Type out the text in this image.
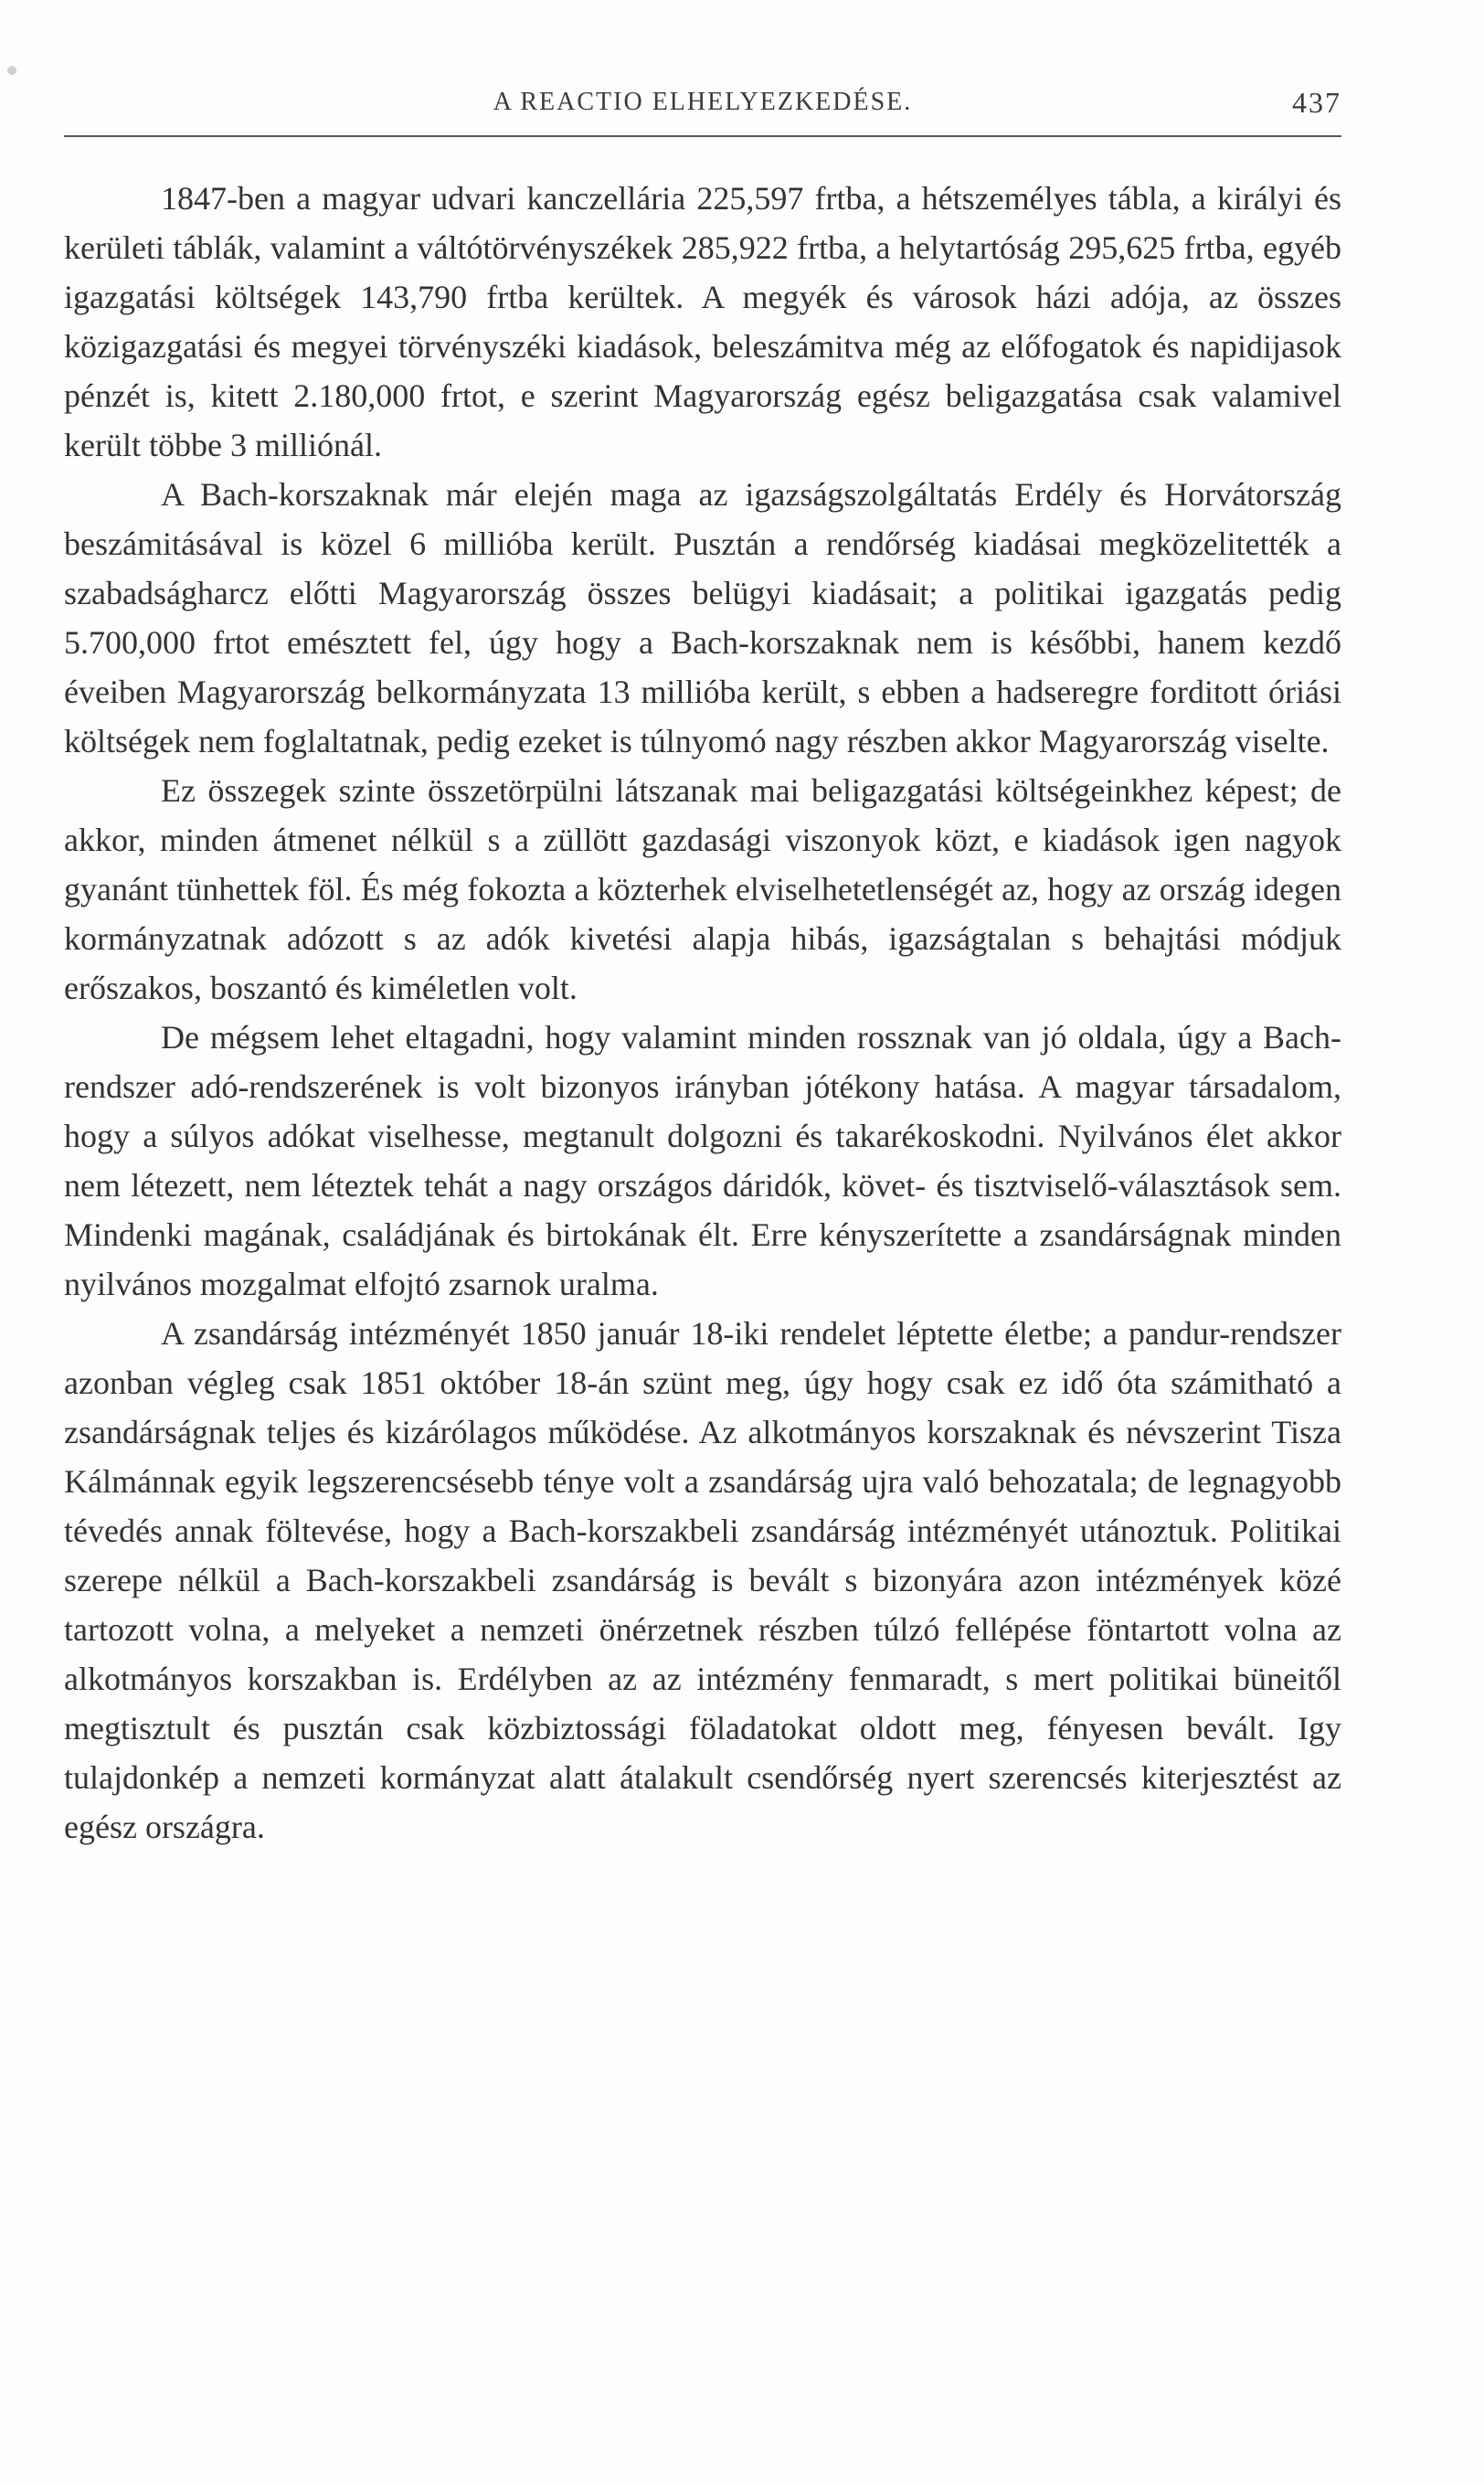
A REACTIO ELHELYEZKEDÉSE.	437

1847-ben a magyar udvari kanczellária 225,597 frtba, a hétszemélyes tábla, a királyi és kerületi táblák, valamint a váltótörvényszékek 285,922 frtba, a helytartóság 295,625 frtba, egyéb igazgatási költségek 143,790 frtba kerültek. A megyék és városok házi adója, az összes közigazgatási és megyei törvényszéki kiadások, beleszámitva még az előfogatok és napidijasok pénzét is, kitett 2.180,000 frtot, e szerint Magyarország egész beligazgatása csak valamivel került többe 3 milliónál.

A Bach-korszaknak már elején maga az igazságszolgáltatás Erdély és Horvátország beszámitásával is közel 6 millióba került. Pusztán a rendőrség kiadásai megközelitették a szabadságharcz előtti Magyarország összes belügyi kiadásait; a politikai igazgatás pedig 5.700,000 frtot emésztett fel, úgy hogy a Bach-korszaknak nem is későbbi, hanem kezdő éveiben Magyarország belkormányzata 13 millióba került, s ebben a hadseregre forditott óriási költségek nem foglaltatnak, pedig ezeket is túlnyomó nagy részben akkor Magyarország viselte.

Ez összegek szinte összetörpülni látszanak mai beligazgatási költségeinkhez képest; de akkor, minden átmenet nélkül s a züllött gazdasági viszonyok közt, e kiadások igen nagyok gyanánt tünhettek föl. És még fokozta a közterhek elviselhetetlenségét az, hogy az ország idegen kormányzatnak adózott s az adók kivetési alapja hibás, igazságtalan s behajtási módjuk erőszakos, boszantó és kiméletlen volt.

De mégsem lehet eltagadni, hogy valamint minden rossznak van jó oldala, úgy a Bach-rendszer adó-rendszerének is volt bizonyos irányban jótékony hatása. A magyar társadalom, hogy a súlyos adókat viselhesse, megtanult dolgozni és takarékoskodni. Nyilvános élet akkor nem létezett, nem léteztek tehát a nagy országos dáridók, követ- és tisztviselő-választások sem. Mindenki magának, családjának és birtokának élt. Erre kényszerítette a zsandárságnak minden nyilvános mozgalmat elfojtó zsarnok uralma.

A zsandárság intézményét 1850 január 18-iki rendelet léptette életbe; a pandur-rendszer azonban végleg csak 1851 október 18-án szünt meg, úgy hogy csak ez idő óta számitható a zsandárságnak teljes és kizárólagos működése. Az alkotmányos korszaknak és névszerint Tisza Kálmánnak egyik legszerencsésebb ténye volt a zsandárság ujra való behozatala; de legnagyobb tévedés annak föltevése, hogy a Bach-korszakbeli zsandárság intézményét utánoztuk. Politikai szerepe nélkül a Bach-korszakbeli zsandárság is bevált s bizonyára azon intézmények közé tartozott volna, a melyeket a nemzeti önérzetnek részben túlzó fellépése föntartott volna az alkotmányos korszakban is. Erdélyben az az intézmény fenmaradt, s mert politikai büneitől megtisztult és pusztán csak közbiztossági föladatokat oldott meg, fényesen bevált. Igy tulajdonkép a nemzeti kormányzat alatt átalakult csendőrség nyert szerencsés kiterjesztést az egész országra.
